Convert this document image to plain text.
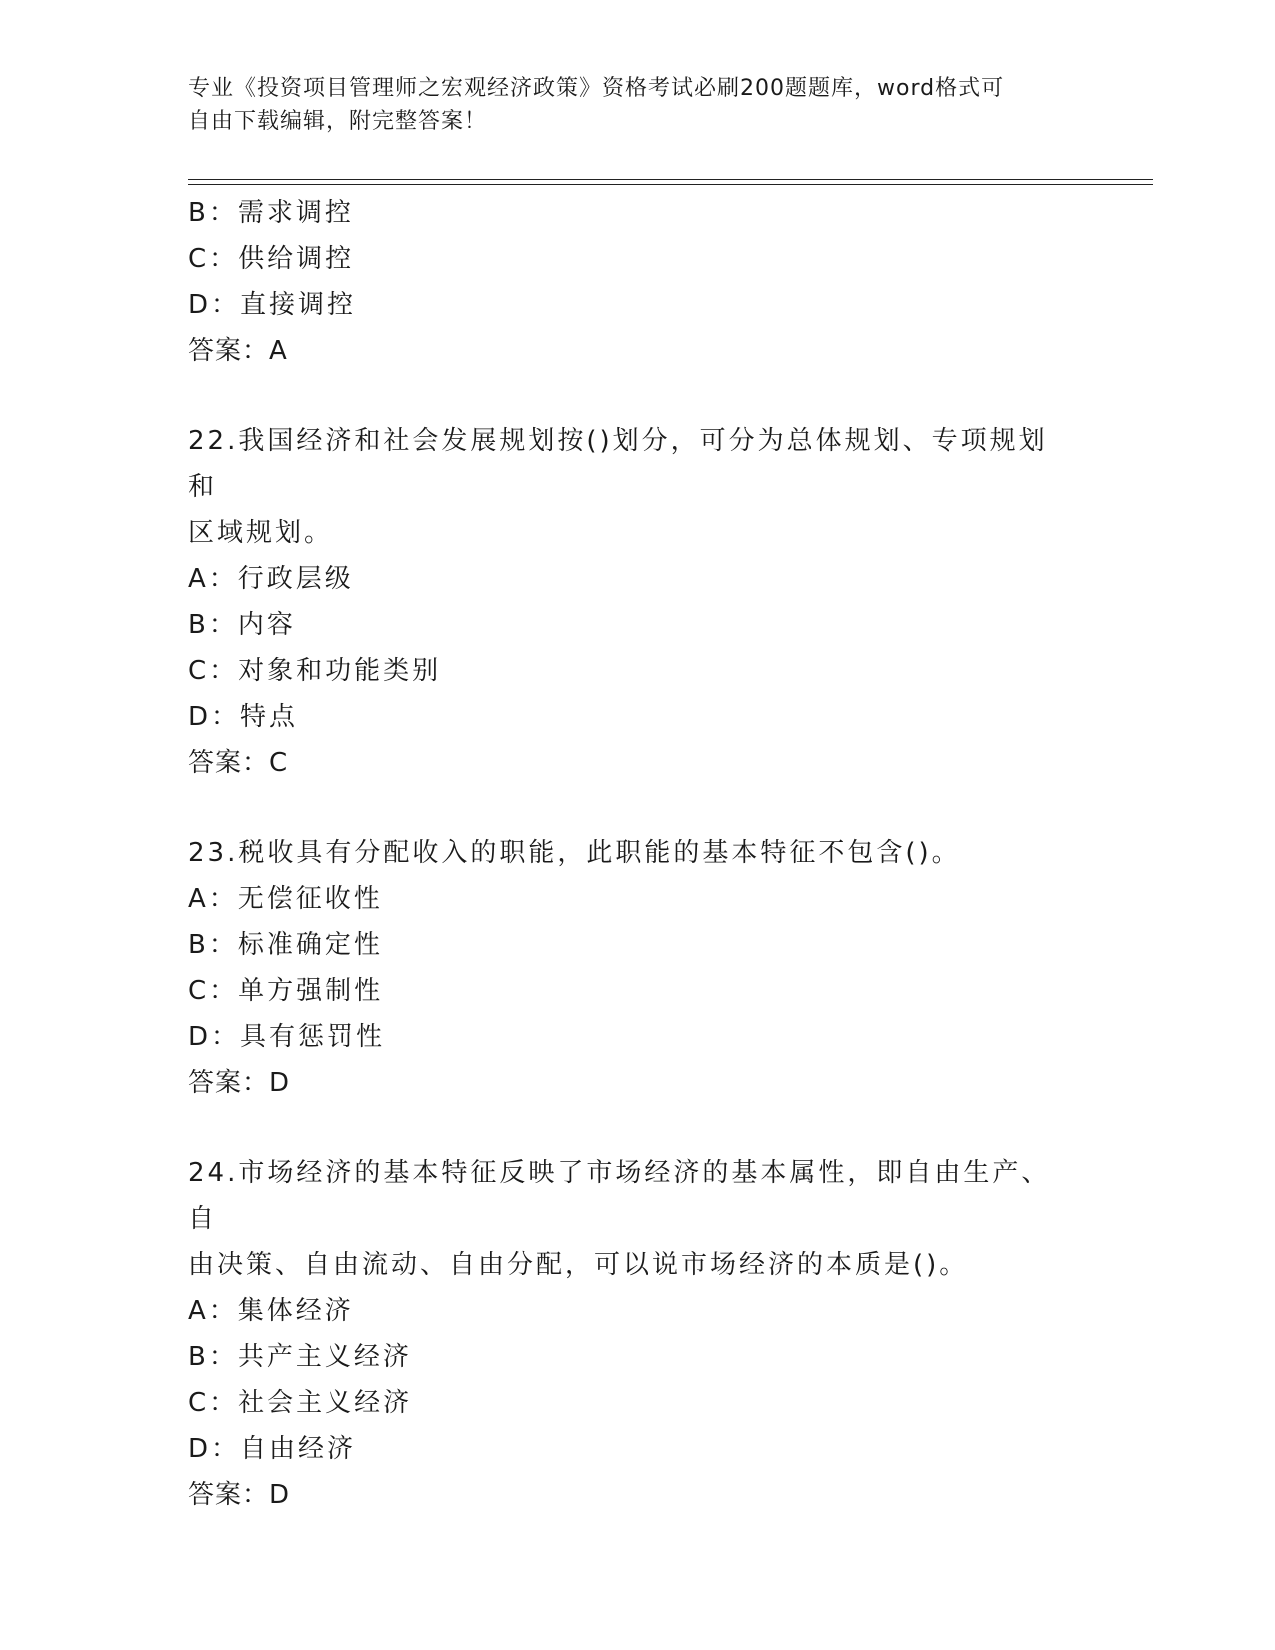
专业《投资项目管理师之宏观经济政策》资格考试必刷200题题库，word格式可
自由下载编辑，附完整答案！
B：需求调控
C：供给调控
D：直接调控
答案：A
22.我国经济和社会发展规划按()划分，可分为总体规划、专项规划和
区域规划。
A：行政层级
B：内容
C：对象和功能类别
D：特点
答案：C
23.税收具有分配收入的职能，此职能的基本特征不包含()。
A：无偿征收性
B：标准确定性
C：单方强制性
D：具有惩罚性
答案：D
24.市场经济的基本特征反映了市场经济的基本属性，即自由生产、自
由决策、自由流动、自由分配，可以说市场经济的本质是()。
A：集体经济
B：共产主义经济
C：社会主义经济
D：自由经济
答案：D
